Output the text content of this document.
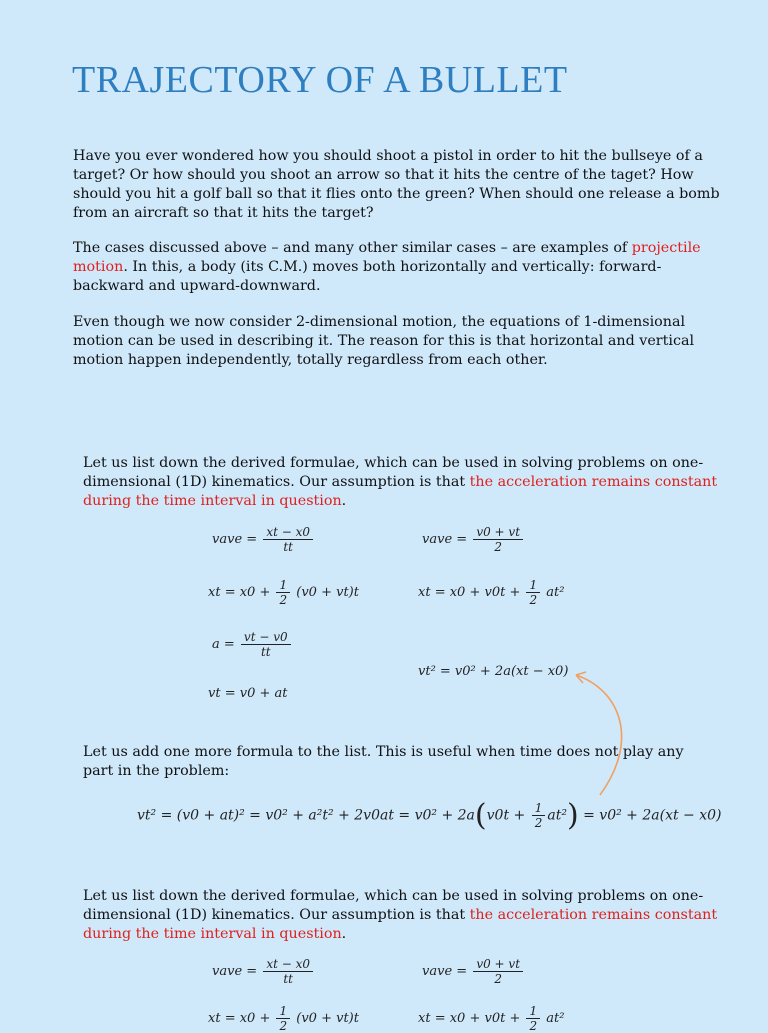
TRAJECTORY OF A BULLET

Have you ever wondered how you should shoot a pistol in order to hit the bullseye of a target? Or how should you shoot an arrow so that it hits the centre of the taget? How should you hit a golf ball so that it flies onto the green? When should one release a bomb from an aircraft so that it hits the target?

The cases discussed above – and many other similar cases – are examples of projectile motion. In this, a body (its C.M.) moves both horizontally and vertically: forward-backward and upward-downward.

Even though we now consider 2-dimensional motion, the equations of 1-dimensional motion can be used in describing it. The reason for this is that horizontal and vertical motion happen independently, totally regardless from each other.

Let us list down the derived formulae, which can be used in solving problems on one-dimensional (1D) kinematics. Our assumption is that the acceleration remains constant during the time interval in question.

vave = $\frac{xt - x0}{tt}$	vave = $\frac{v0 + vt}{2}$
xt = $x0 + \frac{1}{2} (v0 + vt)t$	xt = $x0 + v0t + \frac{1}{2} at^2$
$a = \frac{vt - v0}{tt}$
vt² = v0² + 2a(xt − x0)
vt = v0 + at

Let us add one more formula to the list. This is useful when time does not play any part in the problem:

$vt^2 = (v0 + at)^2 = v0^2 + a^2t^2 + 2v0at = v0^2 + 2a(v0t + \frac{1}{2} at^2) = v0^2 + 2a(xt - x0)$

Let us list down the derived formulae, which can be used in solving problems on one-dimensional (1D) kinematics. Our assumption is that the acceleration remains constant during the time interval in question.

vave = $\frac{xt - x0}{tt}$	vave = $\frac{v0 + vt}{2}$
xt = $x0 + \frac{1}{2} (v0 + vt)t$	xt = $x0 + v0t + \frac{1}{2} at^2$
